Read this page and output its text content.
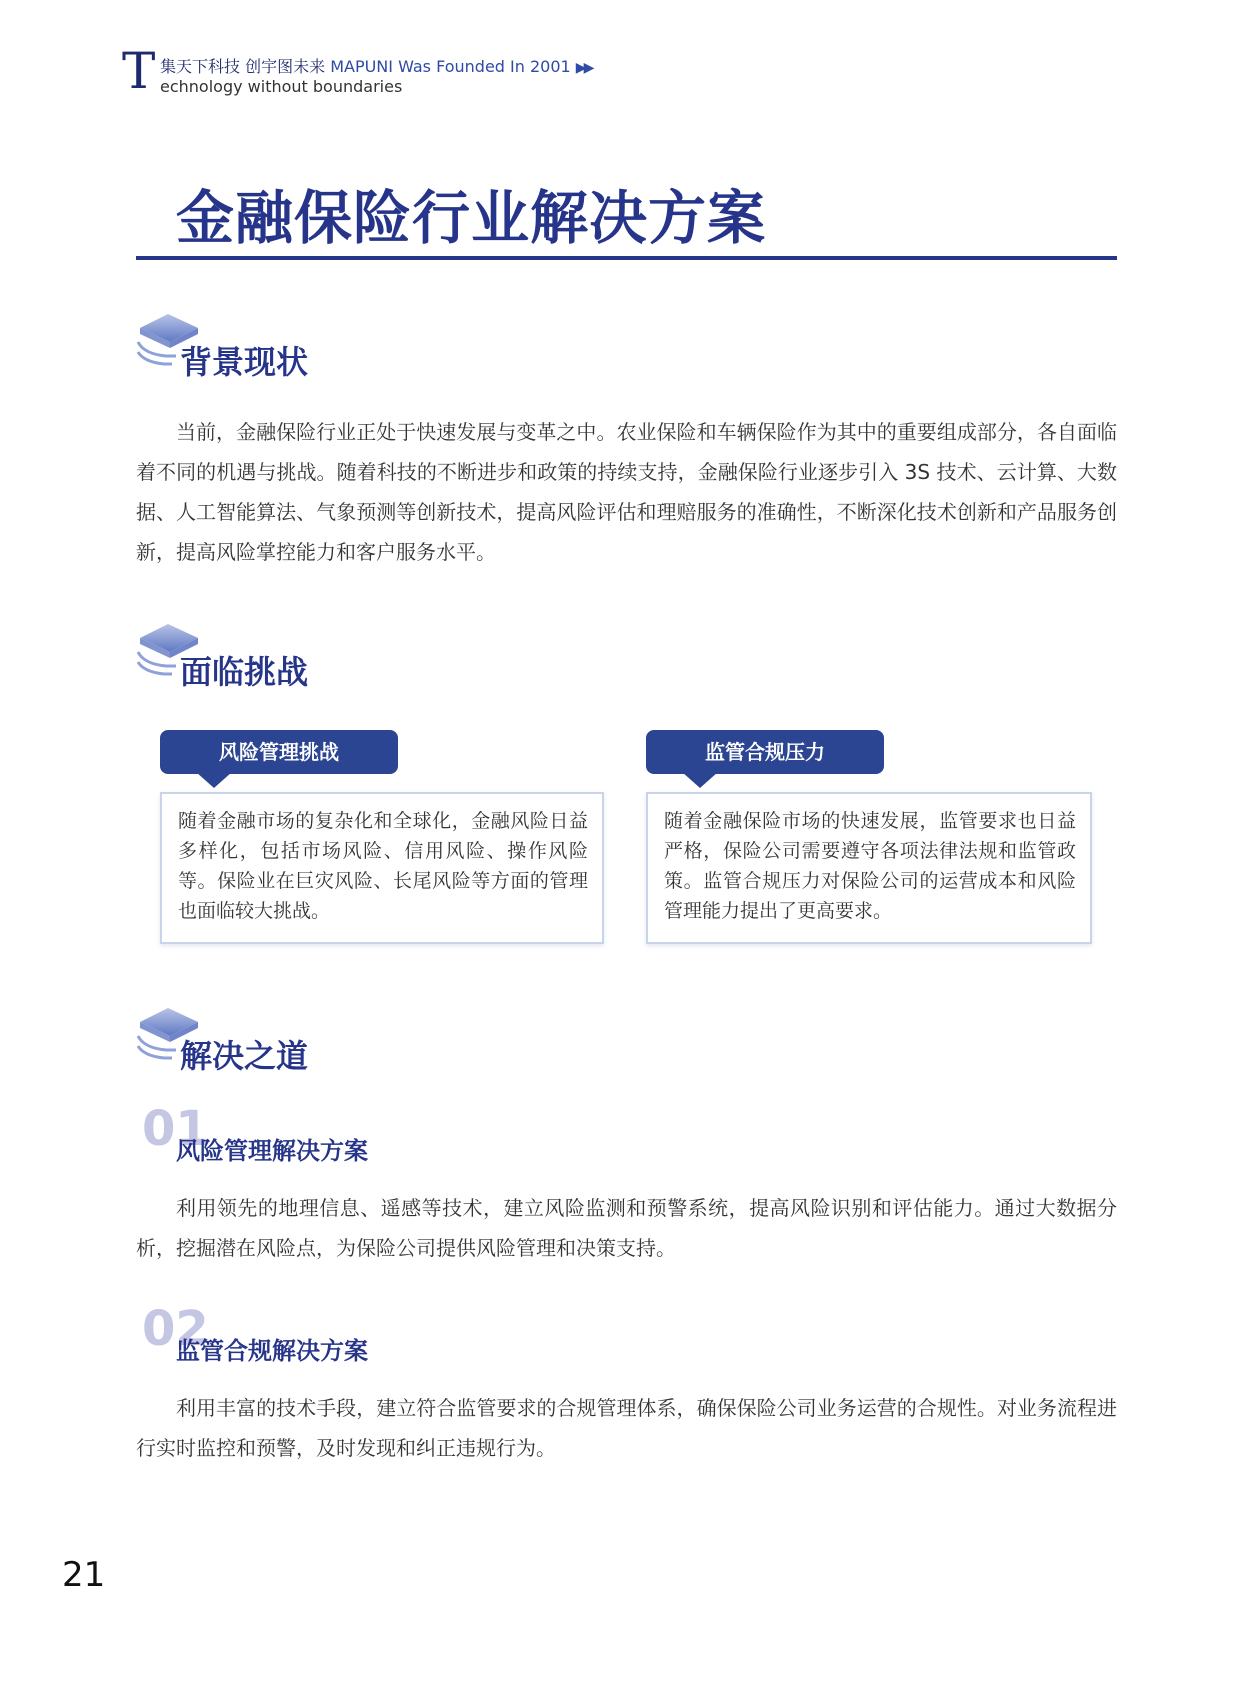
T 集天下科技 创宇图未来 MAPUNI Was Founded In 2001 ▶▶
echnology without boundaries
金融保险行业解决方案
背景现状

当前，金融保险行业正处于快速发展与变革之中。农业保险和车辆保险作为其中的重要组成部分，各自面临着不同的机遇与挑战。随着科技的不断进步和政策的持续支持，金融保险行业逐步引入 3S 技术、云计算、大数据、人工智能算法、气象预测等创新技术，提高风险评估和理赔服务的准确性，不断深化技术创新和产品服务创新，提高风险掌控能力和客户服务水平。

面临挑战

随着金融市场的复杂化和全球化，金融风险日益多样化，包括市场风险、信用风险、操作风险等。保险业在巨灾风险、长尾风险等方面的管理也面临较大挑战。

风险管理挑战

随着金融保险市场的快速发展，监管要求也日益严格，保险公司需要遵守各项法律法规和监管政策。监管合规压力对保险公司的运营成本和风险管理能力提出了更高要求。

监管合规压力
解决之道
01
风险管理解决方案

利用领先的地理信息、遥感等技术，建立风险监测和预警系统，提高风险识别和评估能力。通过大数据分析，挖掘潜在风险点，为保险公司提供风险管理和决策支持。

02
监管合规解决方案

利用丰富的技术手段，建立符合监管要求的合规管理体系，确保保险公司业务运营的合规性。对业务流程进行实时监控和预警，及时发现和纠正违规行为。

21
